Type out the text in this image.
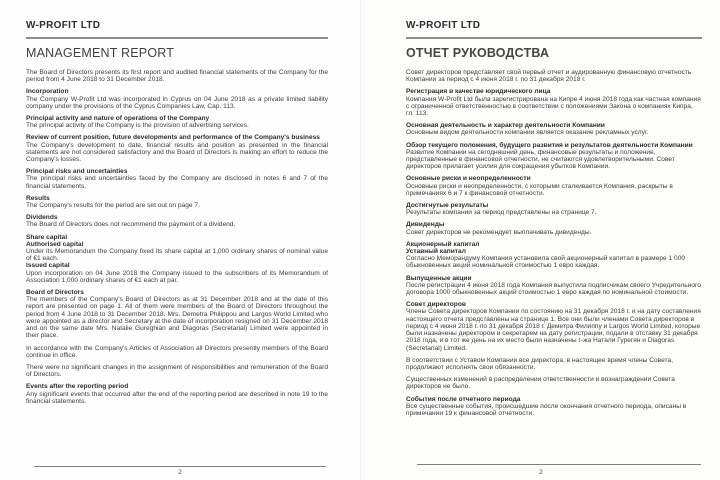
W-PROFIT LTD
MANAGEMENT REPORT

The Board of Directors presents its first report and audited financial statements of the Company for the period from 4 June 2018 to 31 December 2018.

Incorporation

The Company W-Profit Ltd was incorporated in Cyprus on 04 June 2018 as a private limited liability company under the provisions of the Cyprus Companies Law, Cap. 113.

Principal activity and nature of operations of the Company

The principal activity of the Company is the provision of advertising services.

Review of current position, future developments and performance of the Company's business

The Company's development to date, financial results and position as presented in the financial statements are not considered satisfactory and the Board of Directors is making an effort to reduce the Company's losses.

Principal risks and uncertainties

The principal risks and uncertainties faced by the Company are disclosed in notes 6 and 7 of the financial statements.

Results

The Company's results for the period are set out on page 7.

Dividends

The Board of Directors does not recommend the payment of a dividend.

Share capital
Authorised capital

Under its Memorandum the Company fixed its share capital at 1,000 ordinary shares of nominal value of €1 each.

Issued capital

Upon incorporation on 04 June 2018 the Company issued to the subscribers of its Memorandum of Association 1,000 ordinary shares of €1 each at par.

Board of Directors

The members of the Company's Board of Directors as at 31 December 2018 and at the date of this report are presented on page 1. All of them were members of the Board of Directors throughout the period from 4 June 2018 to 31 December 2018. Mrs. Demetra Philippou and Largos World Limited who were appointed as a director and Secretary at the date of incorporation resigned on 31 December 2018 and on the same date Mrs. Natalie Gureghian and Diagoras (Secretarial) Limited were appointed in their place.

In accordance with the Company's Articles of Association all Directors presently members of the Board continue in office.

There were no significant changes in the assignment of responsibilities and remuneration of the Board of Directors.

Events after the reporting period

Any significant events that occurred after the end of the reporting period are described in note 19 to the financial statements.

2
W-PROFIT LTD
ОТЧЕТ РУКОВОДСТВА

Совет директоров представляет свой первый отчет и аудированную финансовую отчетность Компании за период с 4 июня 2018 г. по 31 декабря 2018 г.

Регистрация в качестве юридического лица

Компания W-Profit Ltd была зарегистрирована на Кипре 4 июня 2018 года как частная компания с ограниченной ответственностью в соответствии с положениями Закона о компаниях Кипра, гл. 113.

Основная деятельность и характер деятельности Компании

Основным видом деятельности компании является оказание рекламных услуг.

Обзор текущего положения, будущего развития и результатов деятельности Компании

Развитие Компании на сегодняшний день, финансовые результаты и положение, представленные в финансовой отчетности, не считаются удовлетворительными. Совет директоров прилагает усилия для сокращения убытков Компании.

Основные риски и неопределенности

Основные риски и неопределенности, с которыми сталкивается Компания, раскрыты в примечаниях 6 и 7 к финансовой отчетности.

Достигнутые результаты

Результаты компании за период представлены на странице 7.

Дивиденды

Совет директоров не рекомендует выплачивать дивиденды.

Акционерный капитал
Уставный капитал

Согласно Меморандуму Компания установила свой акционерный капитал в размере 1 000 обыкновенных акций номинальной стоимостью 1 евро каждая.

Выпущенные акции

После регистрации 4 июня 2018 года Компания выпустила подписчикам своего Учредительного договора 1000 обыкновенных акций стоимостью 1 евро каждая по номинальной стоимости.

Совет директоров

Члены Совета директоров Компании по состоянию на 31 декабря 2018 г. и на дату составления настоящего отчета представлены на странице 1. Все они были членами Совета директоров в период с 4 июня 2018 г. по 31 декабря 2018 г. Деметра Филиппу и Largos World Limited, которые были назначены директором и секретарем на дату регистрации, подали в отставку 31 декабря 2018 года, и в тот же день на их место были назначены г-жа Натали Гурегян и Diagoras (Secretarial) Limited.

В соответствии с Уставом Компании все директора, в настоящее время члены Совета, продолжают исполнять свои обязанности.

Существенных изменений в распределении ответственности и вознаграждении Совета директоров не было.

События после отчетного периода

Все существенные события, происшедшие после окончания отчетного периода, описаны в примечании 19 к финансовой отчетности.

2
